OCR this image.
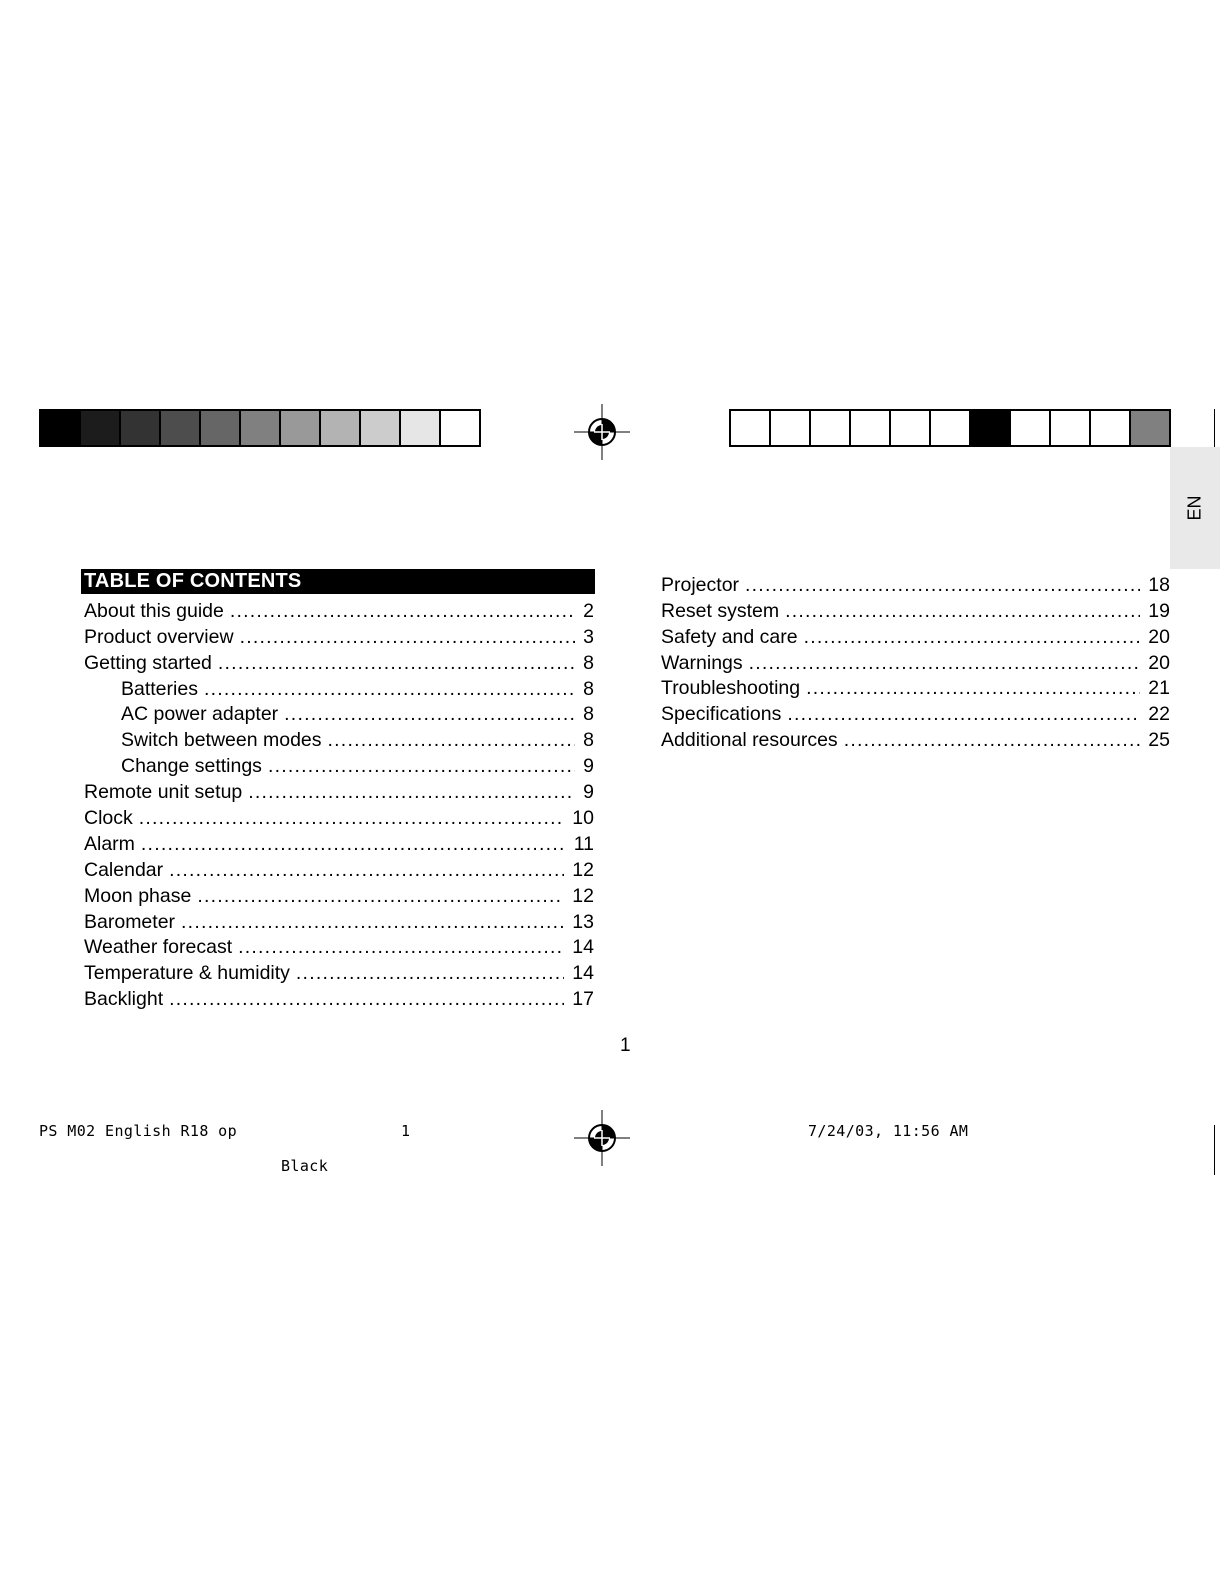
EN
TABLE OF CONTENTS
About this guide . . .	2
Product overview . . .	3
Getting started . . .	8
Batteries . . .	8
AC power adapter . . .	8
Switch between modes . . .	8
Change settings . . .	9
Remote unit setup . . .	9
Clock . . .	10
Alarm . . .	11
Calendar . . .	12
Moon phase . . .	12
Barometer . . .	13
Weather forecast . . .	14
Temperature & humidity . . .	14
Backlight . . .	17
Projector . . .	18
Reset system . . .	19
Safety and care . . .	20
Warnings . . .	20
Troubleshooting . . .	21
Specifications . . .	22
Additional resources . . .	25
1
PS M02 English R18 op	1	7/24/03, 11:56 AM
Black
